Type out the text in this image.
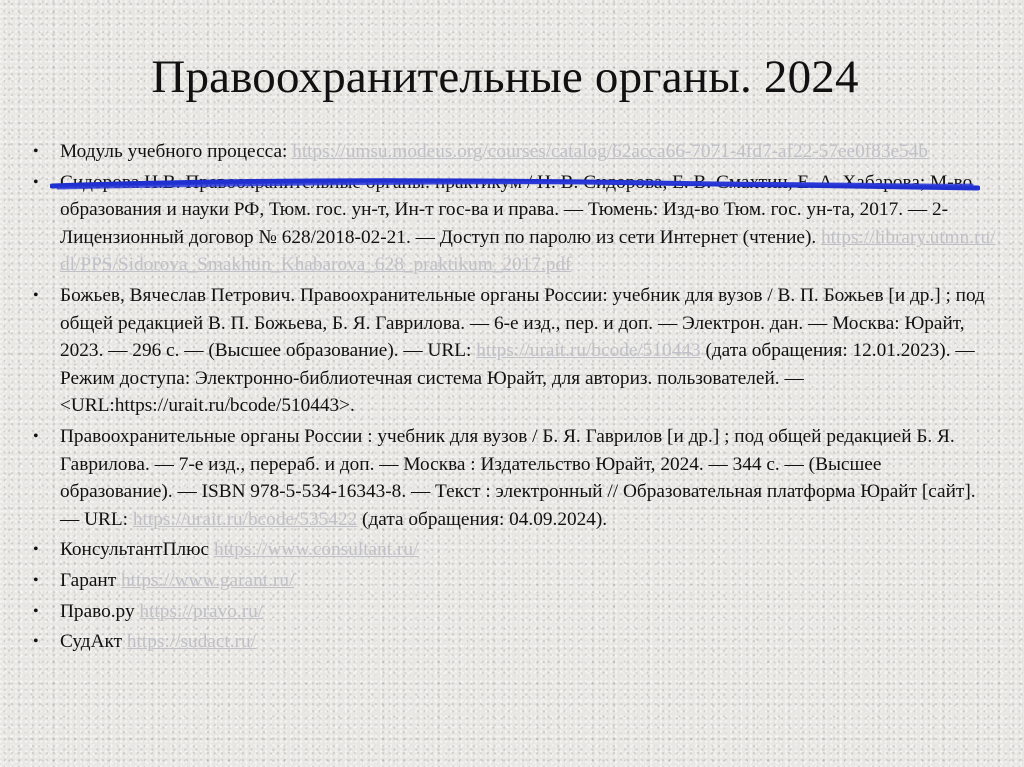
Правоохранительные органы. 2024
• Модуль учебного процесса: https://umsu.modeus.org/courses/catalog/62acca66-7071-4fd7-af22-57ee0f83e54b
• Сидорова Н.В. Правоохранительные органы: практикум / Н. В. Сидорова, Е. В. Смахтин, Е. А. Хабарова; М-во образования и науки РФ, Тюм. гос. ун-т, Ин-т гос-ва и права. — Тюмень: Изд-во Тюм. гос. ун-та, 2017. — 2-Лицензионный договор № 628/2018-02-21. — Доступ по паролю из сети Интернет (чтение). https://library.utmn.ru/dl/PPS/Sidorova_Smakhtin_Khabarova_628_praktikum_2017.pdf
• Божьев, Вячеслав Петрович. Правоохранительные органы России: учебник для вузов / В. П. Божьев [и др.] ; под общей редакцией В. П. Божьева, Б. Я. Гаврилова. — 6-е изд., пер. и доп. — Электрон. дан. — Москва: Юрайт, 2023. — 296 с. — (Высшее образование). — URL: https://urait.ru/bcode/510443 (дата обращения: 12.01.2023). — Режим доступа: Электронно-библиотечная система Юрайт, для авториз. пользователей. — <URL:https://urait.ru/bcode/510443>.
• Правоохранительные органы России : учебник для вузов / Б. Я. Гаврилов [и др.] ; под общей редакцией Б. Я. Гаврилова. — 7-е изд., перераб. и доп. — Москва : Издательство Юрайт, 2024. — 344 с. — (Высшее образование). — ISBN 978-5-534-16343-8. — Текст : электронный // Образовательная платформа Юрайт [сайт]. — URL: https://urait.ru/bcode/535422 (дата обращения: 04.09.2024).
• КонсультантПлюс https://www.consultant.ru/
• Гарант https://www.garant.ru/
• Право.ру https://pravo.ru/
• СудАкт https://sudact.ru/
